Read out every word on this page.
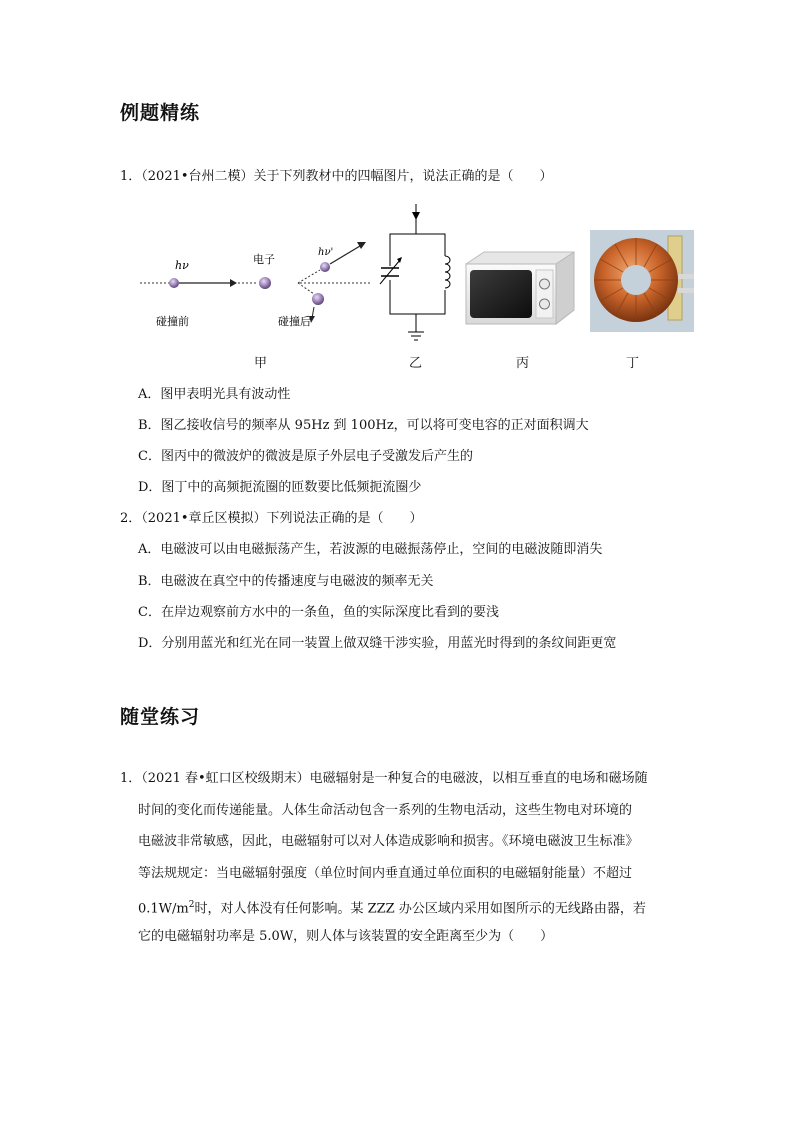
例题精练
1．（2021•台州二模）关于下列教材中的四幅图片，说法正确的是（　　）
hν	电子
hν'
碰撞前	碰撞后
甲	乙	丙	丁
A．图甲表明光具有波动性
B．图乙接收信号的频率从 95Hz 到 100Hz，可以将可变电容的正对面积调大
C．图丙中的微波炉的微波是原子外层电子受激发后产生的
D．图丁中的高频扼流圈的匝数要比低频扼流圈少
2．（2021•章丘区模拟）下列说法正确的是（　　）
A．电磁波可以由电磁振荡产生，若波源的电磁振荡停止，空间的电磁波随即消失
B．电磁波在真空中的传播速度与电磁波的频率无关
C．在岸边观察前方水中的一条鱼，鱼的实际深度比看到的要浅
D．分别用蓝光和红光在同一装置上做双缝干涉实验，用蓝光时得到的条纹间距更宽
随堂练习
1．（2021 春•虹口区校级期末）电磁辐射是一种复合的电磁波，以相互垂直的电场和磁场随
时间的变化而传递能量。人体生命活动包含一系列的生物电活动，这些生物电对环境的
电磁波非常敏感，因此，电磁辐射可以对人体造成影响和损害。《环境电磁波卫生标准》
等法规规定：当电磁辐射强度（单位时间内垂直通过单位面积的电磁辐射能量）不超过
$0.1W/m^2$时，对人体没有任何影响。某 ZZZ 办公区域内采用如图所示的无线路由器，若
它的电磁辐射功率是 5.0W，则人体与该装置的安全距离至少为（　　）
